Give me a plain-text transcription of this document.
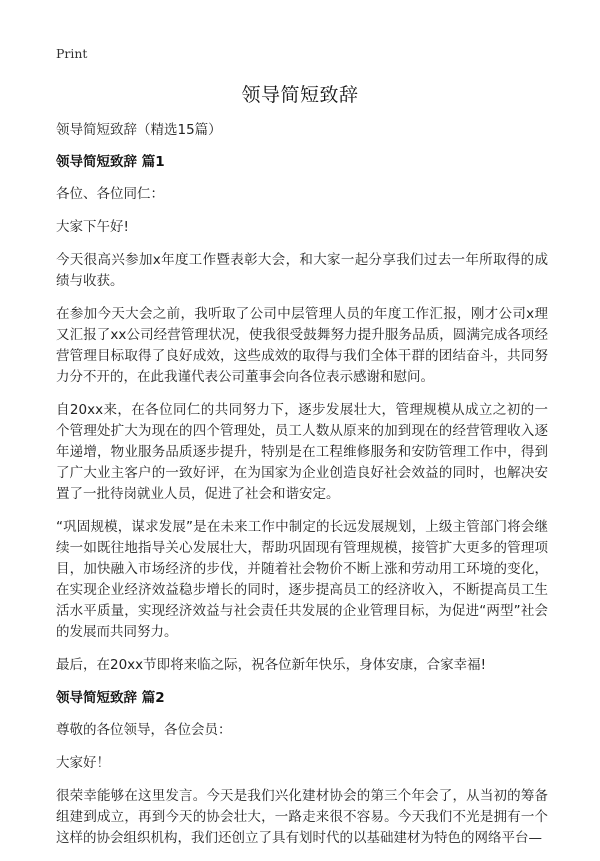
Print
领导简短致辞

领导简短致辞（精选15篇）

领导简短致辞 篇1

各位、各位同仁：

大家下午好!

今天很高兴参加x年度工作暨表彰大会，和大家一起分享我们过去一年所取得的成绩与收获。

在参加今天大会之前，我听取了公司中层管理人员的年度工作汇报，刚才公司x理又汇报了xx公司经营管理状况，使我很受鼓舞努力提升服务品质，圆满完成各项经营管理目标取得了良好成效，这些成效的取得与我们全体干群的团结奋斗，共同努力分不开的，在此我谨代表公司董事会向各位表示感谢和慰问。

自20xx来，在各位同仁的共同努力下，逐步发展壮大，管理规模从成立之初的一个管理处扩大为现在的四个管理处，员工人数从原来的加到现在的经营管理收入逐年递增，物业服务品质逐步提升，特别是在工程维修服务和安防管理工作中，得到了广大业主客户的一致好评，在为国家为企业创造良好社会效益的同时，也解决安置了一批待岗就业人员，促进了社会和谐安定。

“巩固规模，谋求发展”是在未来工作中制定的长远发展规划，上级主管部门将会继续一如既往地指导关心发展壮大，帮助巩固现有管理规模，接管扩大更多的管理项目，加快融入市场经济的步伐，并随着社会物价不断上涨和劳动用工环境的变化，在实现企业经济效益稳步增长的同时，逐步提高员工的经济收入，不断提高员工生活水平质量，实现经济效益与社会责任共发展的企业管理目标，为促进“两型”社会的发展而共同努力。

最后，在20xx节即将来临之际，祝各位新年快乐，身体安康，合家幸福!

领导简短致辞 篇2

尊敬的各位领导，各位会员：

大家好！

很荣幸能够在这里发言。今天是我们兴化建材协会的第三个年会了，从当初的筹备组建到成立，再到今天的协会壮大，一路走来很不容易。今天我们不光是拥有一个这样的协会组织机构，我们还创立了具有划时代的以基础建材为特色的网络平台—
